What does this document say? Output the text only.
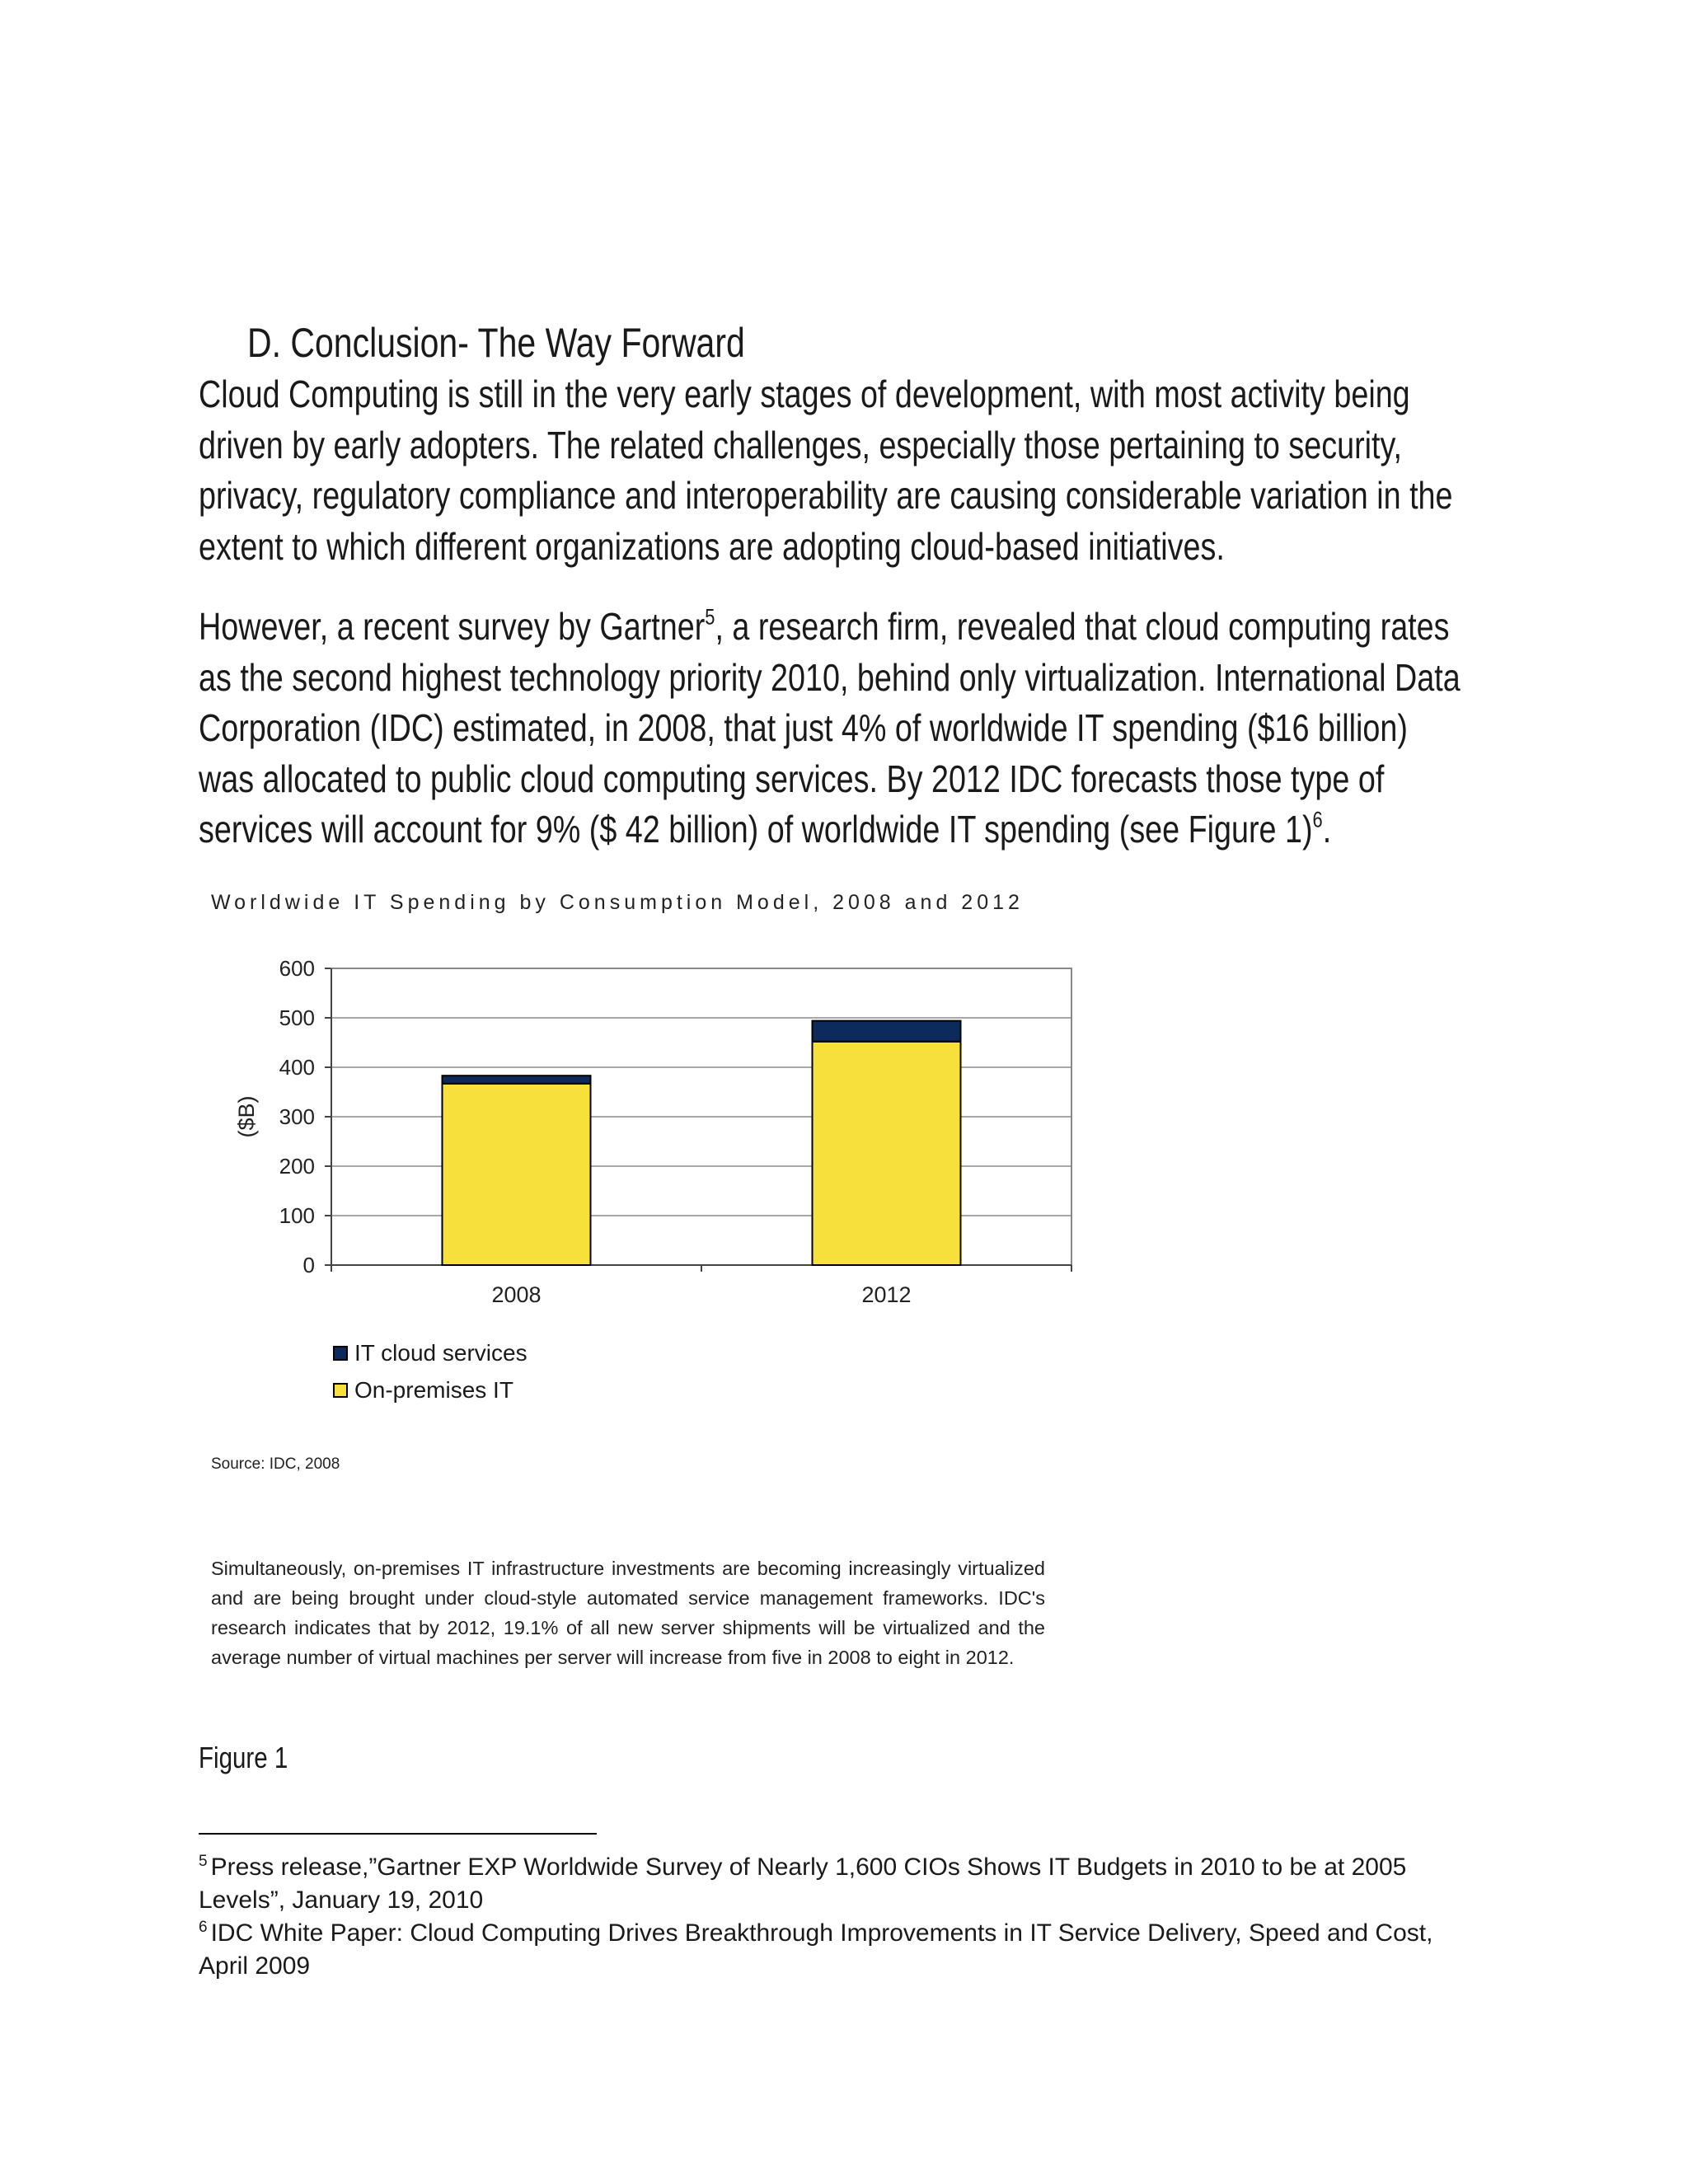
D. Conclusion- The Way Forward

Cloud Computing is still in the very early stages of development, with most activity being
driven by early adopters. The related challenges, especially those pertaining to security,
privacy, regulatory compliance and interoperability are causing considerable variation in the
extent to which different organizations are adopting cloud-based initiatives.

However, a recent survey by Gartner$^5$, a research firm, revealed that cloud computing rates
as the second highest technology priority 2010, behind only virtualization. International Data
Corporation (IDC) estimated, in 2008, that just 4% of worldwide IT spending ($16 billion)
was allocated to public cloud computing services. By 2012 IDC forecasts those type of
services will account for 9% ($ 42 billion) of worldwide IT spending (see Figure 1)$^6$.

Worldwide IT Spending by Consumption Model, 2008 and 2012
0
100
200
300
400
500
600
2008	2012
($B)
IT cloud services
On-premises IT
Source: IDC, 2008

Simultaneously, on-premises IT infrastructure investments are becoming increasingly virtualized and are being brought under cloud-style automated service management frameworks. IDC's research indicates that by 2012, 19.1% of all new server shipments will be virtualized and the average number of virtual machines per server will increase from five in 2008 to eight in 2012.

Figure 1

$^5$ Press release,”Gartner EXP Worldwide Survey of Nearly 1,600 CIOs Shows IT Budgets in 2010 to be at 2005 Levels”, January 19, 2010

$^6$ IDC White Paper: Cloud Computing Drives Breakthrough Improvements in IT Service Delivery, Speed and Cost, April 2009
